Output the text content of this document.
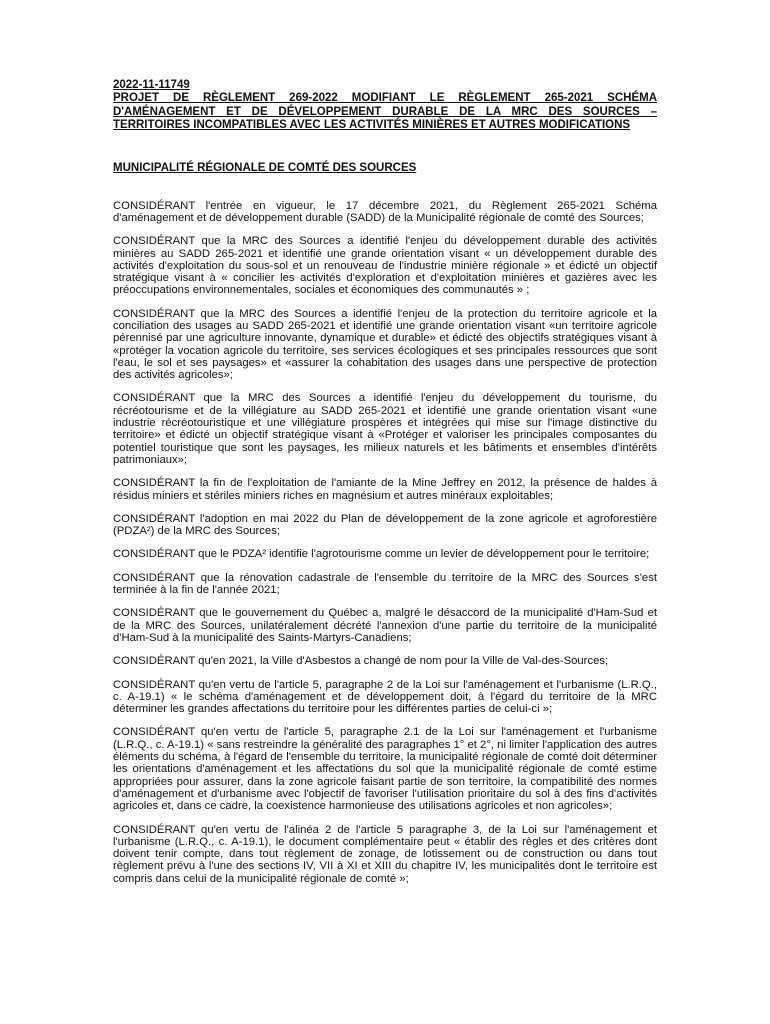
2022-11-11749
PROJET DE RÈGLEMENT 269-2022 MODIFIANT LE RÈGLEMENT 265-2021 SCHÉMA D'AMÉNAGEMENT ET DE DÉVELOPPEMENT DURABLE DE LA MRC DES SOURCES – TERRITOIRES INCOMPATIBLES AVEC LES ACTIVITÉS MINIÈRES ET AUTRES MODIFICATIONS
MUNICIPALITÉ RÉGIONALE DE COMTÉ DES SOURCES

CONSIDÉRANT l'entrée en vigueur, le 17 décembre 2021, du Règlement 265-2021 Schéma d'aménagement et de développement durable (SADD) de la Municipalité régionale de comté des Sources;

CONSIDÉRANT que la MRC des Sources a identifié l'enjeu du développement durable des activités minières au SADD 265-2021 et identifié une grande orientation visant « un développement durable des activités d'exploitation du sous-sol et un renouveau de l'industrie minière régionale » et édicté un objectif stratégique visant à « concilier les activités d'exploration et d'exploitation minières et gazières avec les préoccupations environnementales, sociales et économiques des communautés » ;

CONSIDÉRANT que la MRC des Sources a identifié l'enjeu de la protection du territoire agricole et la conciliation des usages au SADD 265-2021 et identifié une grande orientation visant «un territoire agricole pérennisé par une agriculture innovante, dynamique et durable» et édicté des objectifs stratégiques visant à «protéger la vocation agricole du territoire, ses services écologiques et ses principales ressources que sont l'eau, le sol et ses paysages» et «assurer la cohabitation des usages dans une perspective de protection des activités agricoles»;

CONSIDÉRANT que la MRC des Sources a identifié l'enjeu du développement du tourisme, du récréotourisme et de la villégiature au SADD 265-2021 et identifié une grande orientation visant «une industrie récréotouristique et une villégiature prospères et intégrées qui mise sur l'image distinctive du territoire» et édicté un objectif stratégique visant à «Protéger et valoriser les principales composantes du potentiel touristique que sont les paysages, les milieux naturels et les bâtiments et ensembles d'intérêts patrimoniaux»;

CONSIDÉRANT la fin de l'exploitation de l'amiante de la Mine Jeffrey en 2012, la présence de haldes à résidus miniers et stériles miniers riches en magnésium et autres minéraux exploitables;

CONSIDÉRANT l'adoption en mai 2022 du Plan de développement de la zone agricole et agroforestière (PDZA²) de la MRC des Sources;

CONSIDÉRANT que le PDZA² identifie l'agrotourisme comme un levier de développement pour le territoire;

CONSIDÉRANT que la rénovation cadastrale de l'ensemble du territoire de la MRC des Sources s'est terminée à la fin de l'année 2021;

CONSIDÉRANT que le gouvernement du Québec a, malgré le désaccord de la municipalité d'Ham-Sud et de la MRC des Sources, unilatéralement décrété l'annexion d'une partie du territoire de la municipalité d'Ham-Sud à la municipalité des Saints-Martyrs-Canadiens;

CONSIDÉRANT qu'en 2021, la Ville d'Asbestos a changé de nom pour la Ville de Val-des-Sources;

CONSIDÉRANT qu'en vertu de l'article 5, paragraphe 2 de la Loi sur l'aménagement et l'urbanisme (L.R.Q., c. A-19.1) « le schéma d'aménagement et de développement doit, à l'égard du territoire de la MRC déterminer les grandes affectations du territoire pour les différentes parties de celui-ci »;

CONSIDÉRANT qu'en vertu de l'article 5, paragraphe 2.1 de la Loi sur l'aménagement et l'urbanisme (L.R.Q., c. A-19.1) « sans restreindre la généralité des paragraphes 1° et 2°, ni limiter l'application des autres éléments du schéma, à l'égard de l'ensemble du territoire, la municipalité régionale de comté doit déterminer les orientations d'aménagement et les affectations du sol que la municipalité régionale de comté estime appropriées pour assurer, dans la zone agricole faisant partie de son territoire, la compatibilité des normes d'aménagement et d'urbanisme avec l'objectif de favoriser l'utilisation prioritaire du sol à des fins d'activités agricoles et, dans ce cadre, la coexistence harmonieuse des utilisations agricoles et non agricoles»;

CONSIDÉRANT qu'en vertu de l'alinéa 2 de l'article 5 paragraphe 3, de la Loi sur l'aménagement et l'urbanisme (L.R.Q., c. A-19.1), le document complémentaire peut « établir des règles et des critères dont doivent tenir compte, dans tout règlement de zonage, de lotissement ou de construction ou dans tout règlement prévu à l'une des sections IV, VII à XI et XIII du chapitre IV, les municipalités dont le territoire est compris dans celui de la municipalité régionale de comté »;
